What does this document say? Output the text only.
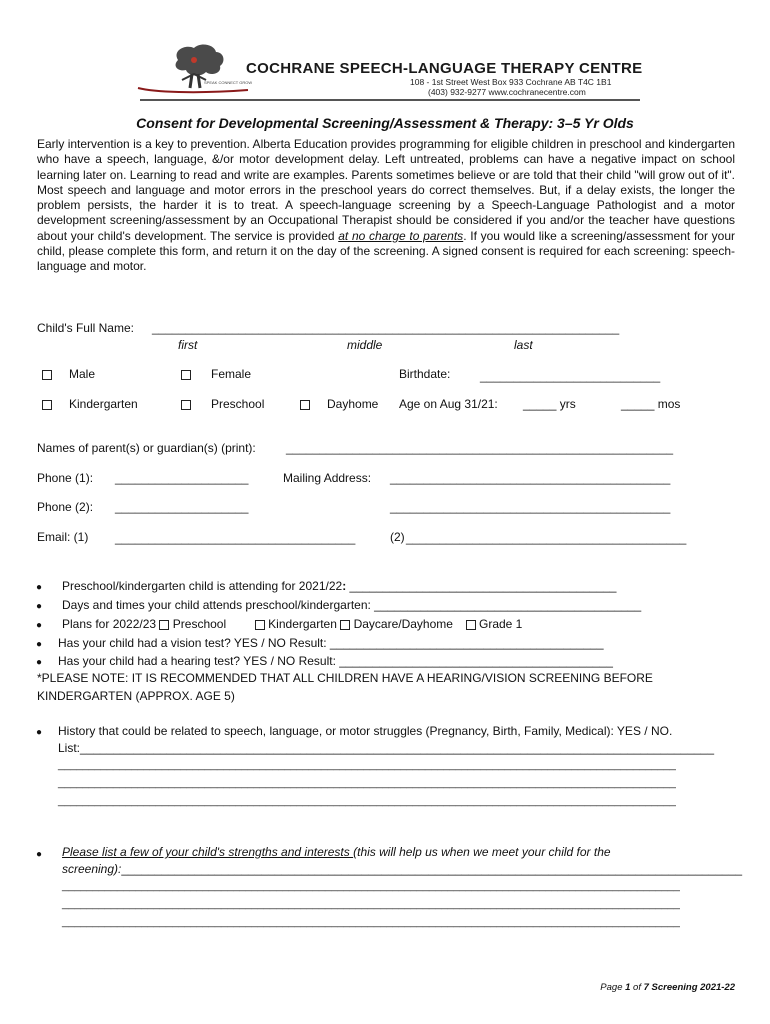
SPEAK CONNECT GROW
COCHRANE SPEECH-LANGUAGE THERAPY CENTRE
108 - 1st Street West Box 933 Cochrane AB T4C 1B1
(403) 932-9277 www.cochranecentre.com
Consent for Developmental Screening/Assessment & Therapy: 3–5 Yr Olds
Early intervention is a key to prevention. Alberta Education provides programming for eligible children in preschool and kindergarten who have a speech, language, &/or motor development delay. Left untreated, problems can have a negative impact on school learning later on. Learning to read and write are examples. Parents sometimes believe or are told that their child "will grow out of it". Most speech and language and motor errors in the preschool years do correct themselves. But, if a delay exists, the longer the problem persists, the harder it is to treat. A speech-language screening by a Speech-Language Pathologist and a motor development screening/assessment by an Occupational Therapist should be considered if you and/or the teacher have questions about your child's development. The service is provided at no charge to parents. If you would like a screening/assessment for your child, please complete this form, and return it on the day of the screening. A signed consent is required for each screening: speech-language and motor.
Child's Full Name: ______________________________________________________________________
first	middle	last
Male	Female	Birthdate: ___________________________
Kindergarten	Preschool	Dayhome Age on Aug 31/21: _____ yrs	_____ mos
Names of parent(s) or guardian(s) (print):	__________________________________________________________
Phone (1): ____________________	Mailing Address: __________________________________________
Phone (2): ____________________	__________________________________________
Email: (1) ____________________________________	(2) __________________________________________
● Preschool/kindergarten child is attending for 2021/22: ________________________________________
● Days and times your child attends preschool/kindergarten: ________________________________________
● Plans for 2022/23 Preschool	Kindergarten Daycare/Dayhome Grade 1
● Has your child had a vision test? YES / NO Result: _________________________________________
● Has your child had a hearing test? YES / NO Result: _________________________________________
*PLEASE NOTE: IT IS RECOMMENDED THAT ALL CHILDREN HAVE A HEARING/VISION SCREENING BEFORE
KINDERGARTEN (APPROX. AGE 5)
● History that could be related to speech, language, or motor struggles (Pregnancy, Birth, Family, Medical): YES / NO.
List:_______________________________________________________________________________________________
_____________________________________________________________________________________________________
_____________________________________________________________________________________________________
_____________________________________________________________________________________________________
● Please list a few of your child's strengths and interests (this will help us when we meet your child for the
screening):_____________________________________________________________________________________________
_____________________________________________________________________________________________________
_____________________________________________________________________________________________________
_____________________________________________________________________________________________________
Page 1 of 7 Screening 2021-22
